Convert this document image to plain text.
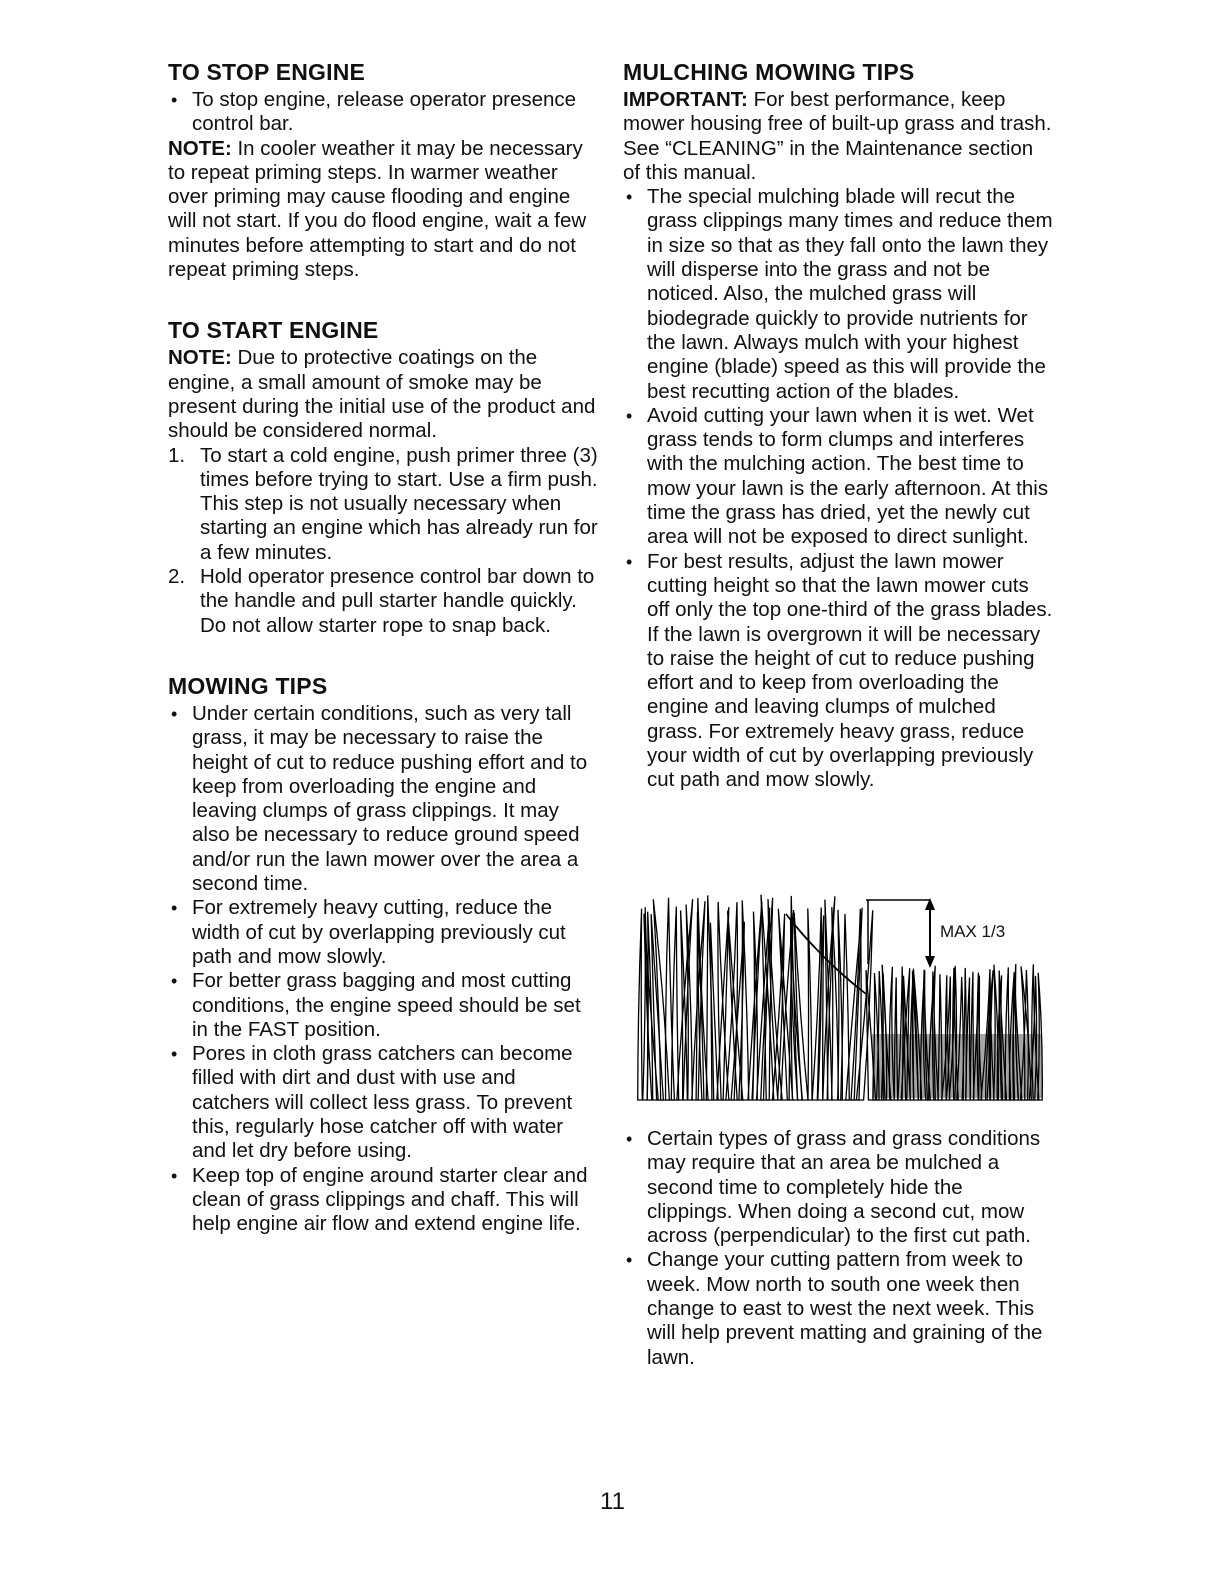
TO STOP ENGINE
• To stop engine, release operator presence control bar.

NOTE: In cooler weather it may be necessary to repeat priming steps. In warmer weather over priming may cause flooding and engine will not start. If you do flood engine, wait a few minutes before attempting to start and do not repeat priming steps.

TO START ENGINE

NOTE: Due to protective coatings on the engine, a small amount of smoke may be present during the initial use of the product and should be considered normal.

1. To start a cold engine, push primer three (3) times before trying to start. Use a firm push. This step is not usually necessary when starting an engine which has already run for a few minutes.
2. Hold operator presence control bar down to the handle and pull starter handle quickly. Do not allow starter rope to snap back.
MOWING TIPS
• Under certain conditions, such as very tall grass, it may be necessary to raise the height of cut to reduce pushing effort and to keep from overloading the engine and leaving clumps of grass clippings. It may also be necessary to reduce ground speed and/or run the lawn mower over the area a second time.
• For extremely heavy cutting, reduce the width of cut by overlapping previously cut path and mow slowly.
• For better grass bagging and most cutting conditions, the engine speed should be set in the FAST position.
• Pores in cloth grass catchers can become filled with dirt and dust with use and catchers will collect less grass. To prevent this, regularly hose catcher off with water and let dry before using.
• Keep top of engine around starter clear and clean of grass clippings and chaff. This will help engine air flow and extend engine life.
MULCHING MOWING TIPS

IMPORTANT: For best performance, keep mower housing free of built-up grass and trash. See “CLEANING” in the Maintenance section of this manual.

• The special mulching blade will recut the grass clippings many times and reduce them in size so that as they fall onto the lawn they will disperse into the grass and not be noticed. Also, the mulched grass will biodegrade quickly to provide nutrients for the lawn. Always mulch with your highest engine (blade) speed as this will provide the best recutting action of the blades.
• Avoid cutting your lawn when it is wet. Wet grass tends to form clumps and interferes with the mulching action. The best time to mow your lawn is the early afternoon. At this time the grass has dried, yet the newly cut area will not be exposed to direct sunlight.
• For best results, adjust the lawn mower cutting height so that the lawn mower cuts off only the top one-third of the grass blades. If the lawn is overgrown it will be necessary to raise the height of cut to reduce pushing effort and to keep from overloading the engine and leaving clumps of mulched grass. For extremely heavy grass, reduce your width of cut by overlapping previously cut path and mow slowly.
MAX 1/3
• Certain types of grass and grass conditions may require that an area be mulched a second time to completely hide the clippings. When doing a second cut, mow across (perpendicular) to the first cut path.
• Change your cutting pattern from week to week. Mow north to south one week then change to east to west the next week. This will help prevent matting and graining of the lawn.
11
